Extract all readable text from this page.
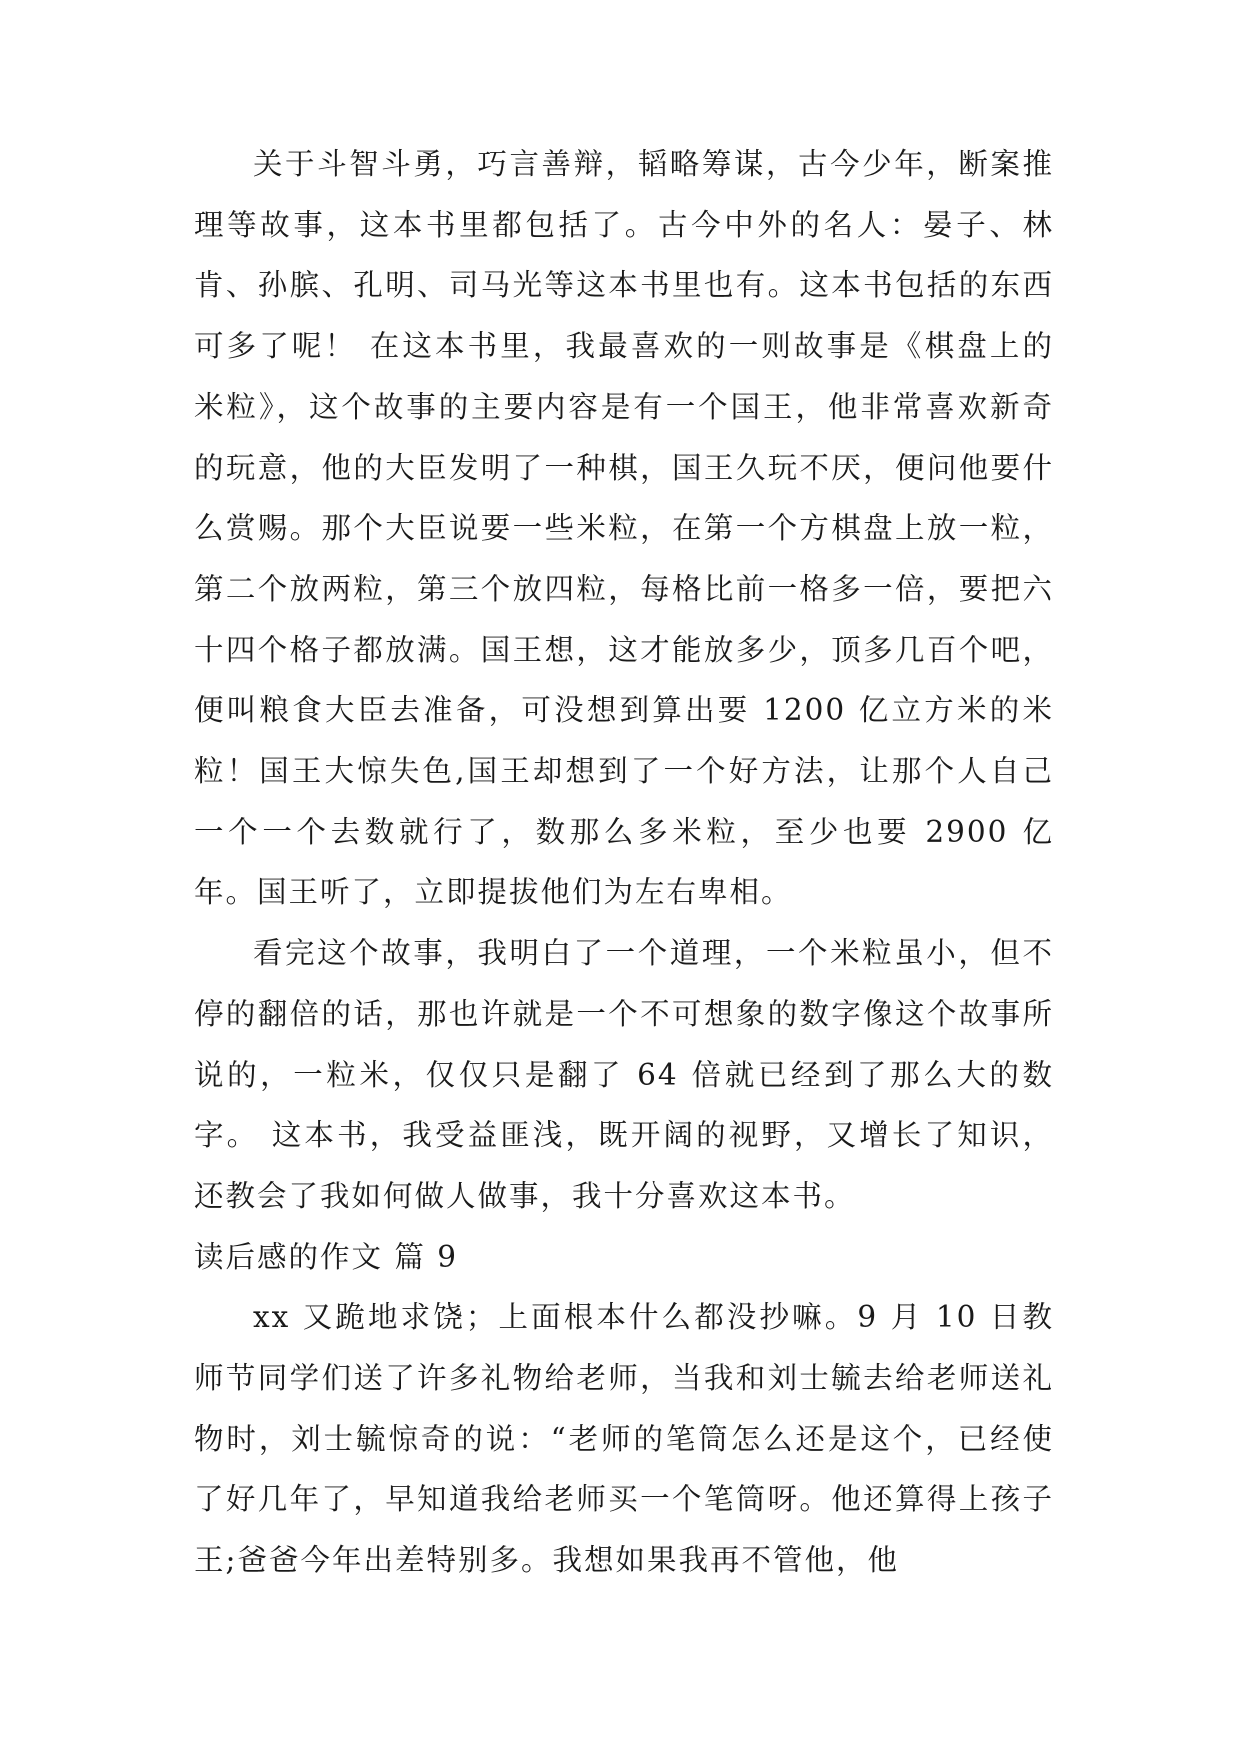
关于斗智斗勇，巧言善辩，韬略筹谋，古今少年，断案推理等故事，这本书里都包括了。古今中外的名人：晏子、林肯、孙膑、孔明、司马光等这本书里也有。这本书包括的东西可多了呢！ 在这本书里，我最喜欢的一则故事是《棋盘上的米粒》，这个故事的主要内容是有一个国王，他非常喜欢新奇的玩意，他的大臣发明了一种棋，国王久玩不厌，便问他要什么赏赐。那个大臣说要一些米粒，在第一个方棋盘上放一粒，第二个放两粒，第三个放四粒，每格比前一格多一倍，要把六十四个格子都放满。国王想，这才能放多少，顶多几百个吧，便叫粮食大臣去准备，可没想到算出要 1200 亿立方米的米粒！国王大惊失色,国王却想到了一个好方法，让那个人自己一个一个去数就行了，数那么多米粒，至少也要 2900 亿年。国王听了，立即提拔他们为左右卑相。

看完这个故事，我明白了一个道理，一个米粒虽小，但不停的翻倍的话，那也许就是一个不可想象的数字像这个故事所说的，一粒米，仅仅只是翻了 64 倍就已经到了那么大的数字。 这本书，我受益匪浅，既开阔的视野，又增长了知识，还教会了我如何做人做事，我十分喜欢这本书。

读后感的作文 篇 9

xx 又跪地求饶；上面根本什么都没抄嘛。9 月 10 日教师节同学们送了许多礼物给老师，当我和刘士毓去给老师送礼物时，刘士毓惊奇的说：“老师的笔筒怎么还是这个，已经使了好几年了，早知道我给老师买一个笔筒呀。他还算得上孩子王;爸爸今年出差特别多。我想如果我再不管他，他
